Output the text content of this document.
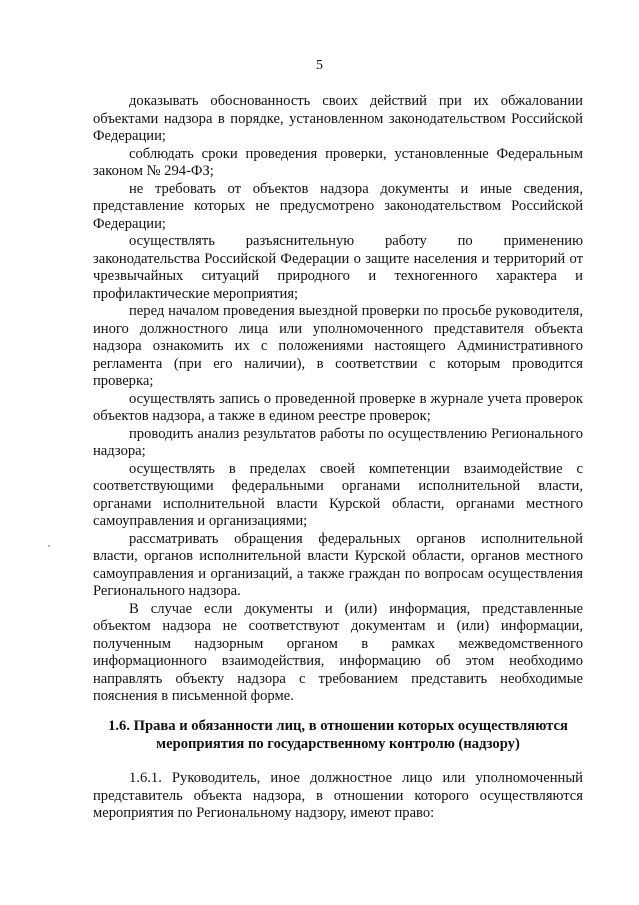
5

доказывать обоснованность своих действий при их обжаловании объектами надзора в порядке, установленном законодательством Российской Федерации;

соблюдать сроки проведения проверки, установленные Федеральным законом № 294-ФЗ;

не требовать от объектов надзора документы и иные сведения, представление которых не предусмотрено законодательством Российской Федерации;

осуществлять разъяснительную работу по применению законодательства Российской Федерации о защите населения и территорий от чрезвычайных ситуаций природного и техногенного характера и профилактические мероприятия;

перед началом проведения выездной проверки по просьбе руководителя, иного должностного лица или уполномоченного представителя объекта надзора ознакомить их с положениями настоящего Административного регламента (при его наличии), в соответствии с которым проводится проверка;

осуществлять запись о проведенной проверке в журнале учета проверок объектов надзора, а также в едином реестре проверок;

проводить анализ результатов работы по осуществлению Регионального надзора;

осуществлять в пределах своей компетенции взаимодействие с соответствующими федеральными органами исполнительной власти, органами исполнительной власти Курской области, органами местного самоуправления и организациями;

рассматривать обращения федеральных органов исполнительной власти, органов исполнительной власти Курской области, органов местного самоуправления и организаций, а также граждан по вопросам осуществления Регионального надзора.

В случае если документы и (или) информация, представленные объектом надзора не соответствуют документам и (или) информации, полученным надзорным органом в рамках межведомственного информационного взаимодействия, информацию об этом необходимо направлять объекту надзора с требованием представить необходимые пояснения в письменной форме.

1.6. Права и обязанности лиц, в отношении которых осуществляются
мероприятия по государственному контролю (надзору)

1.6.1. Руководитель, иное должностное лицо или уполномоченный представитель объекта надзора, в отношении которого осуществляются мероприятия по Региональному надзору, имеют право:
